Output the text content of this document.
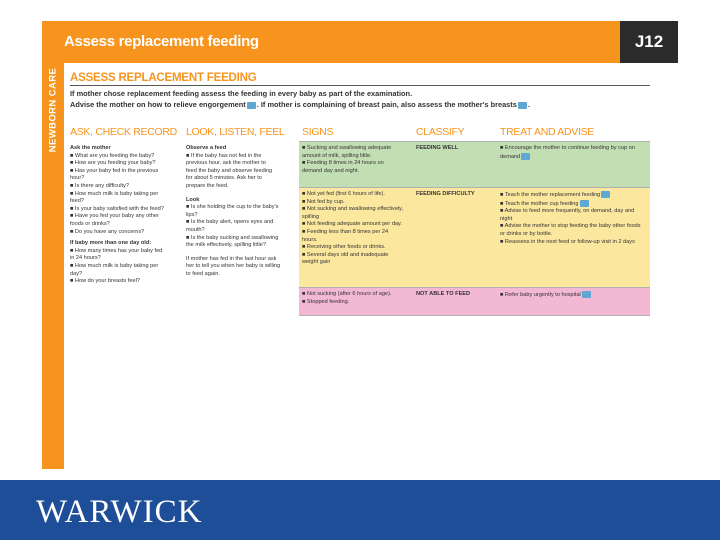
Assess replacement feeding	J12
NEWBORN CARE ASSESS REPLACEMENT FEEDING
If mother chose replacement feeding assess the feeding in every baby as part of the examination.
Advise the mother on how to relieve engorgement . If mother is complaining of breast pain, also assess the mother's breasts .
ASK, CHECK RECORD LOOK, LISTEN, FEEL SIGNS	CLASSIFY	TREAT AND ADVISE
Ask the mother
■ What are you feeding the baby?
■ How are you feeding your baby?
■ Has your baby fed in the previous
hour?
■ Is there any difficulty?
■ How much milk is baby taking per
feed?
■ Is your baby satisfied with the feed?
■ Have you fed your baby any other
foods or drinks?
■ Do you have any concerns?
If baby more than one day old:
■ How many times has your baby fed
in 24 hours?
■ How much milk is baby taking per
day?
■ How do your breasts feel?
Observe a feed
■ If the baby has not fed in the
previous hour, ask the mother to
feed the baby and observe feeding
for about 5 minutes. Ask her to
prepare the feed.
Look
■ Is she holding the cup to the baby's
lips?
■ Is the baby alert, opens eyes and
mouth?
■ Is the baby sucking and swallowing
the milk effectively, spilling little?
If mother has fed in the last hour ask
her to tell you when her baby is willing
to feed again.
■ Sucking and swallowing adequate
amount of milk, spilling little.
■ Feeding 8 times in 24 hours on
demand day and night.
FEEDING WELL	■ Encourage the mother to continue feeding by cup on
demand
■ Not yet fed (first 6 hours of life).
■ Not fed by cup.
■ Not sucking and swallowing effectively,
spilling
■ Not feeding adequate amount per day.
■ Feeding less than 8 times per 24
hours.
■ Receiving other foods or drinks.
■ Several days old and inadequate
weight gain
FEEDING DIFFICULTY	■ Teach the mother replacement feeding
■ Teach the mother cup feeding
■ Advise to feed more frequently, on demand, day and
night
■ Advise the mother to stop feeding the baby other foods
or drinks or by bottle.
■ Reassess in the next feed or follow-up visit in 2 days
■ Not sucking (after 6 hours of age).
■ Stopped feeding.
NOT ABLE TO FEED	■ Refer baby urgently to hospital
WARWICK
